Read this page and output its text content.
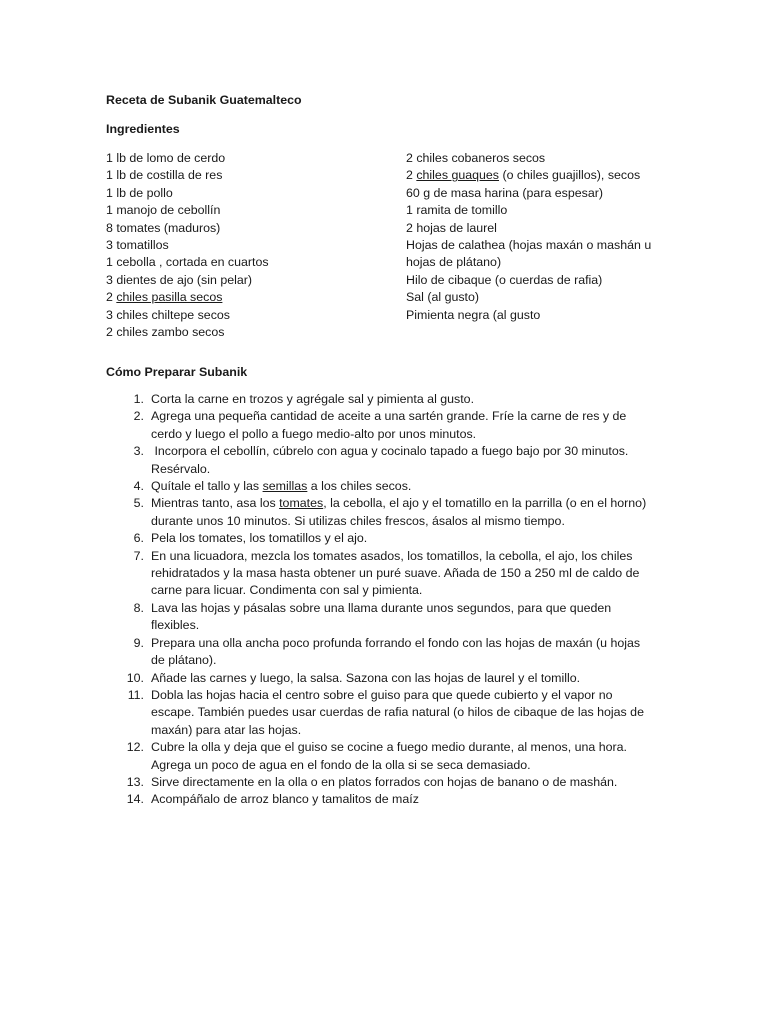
Receta de Subanik Guatemalteco

Ingredientes

1 lb de lomo de cerdo
1 lb de costilla de res
1 lb de pollo
1 manojo de cebollín
8 tomates (maduros)
3 tomatillos
1 cebolla , cortada en cuartos
3 dientes de ajo (sin pelar)
2 chiles pasilla secos
3 chiles chiltepe secos
2 chiles zambo secos
2 chiles cobaneros secos
2 chiles guaques (o chiles guajillos), secos
60 g de masa harina (para espesar)
1 ramita de tomillo
2 hojas de laurel
Hojas de calathea (hojas maxán o mashán u
hojas de plátano)
Hilo de cibaque (o cuerdas de rafia)
Sal (al gusto)
Pimienta negra (al gusto

Cómo Preparar Subanik

1. Corta la carne en trozos y agrégale sal y pimienta al gusto.
2. Agrega una pequeña cantidad de aceite a una sartén grande. Fríe la carne de res y de cerdo y luego el pollo a fuego medio-alto por unos minutos.
3. Incorpora el cebollín, cúbrelo con agua y cocinalo tapado a fuego bajo por 30 minutos. Resérvalo.
4. Quítale el tallo y las semillas a los chiles secos.
5. Mientras tanto, asa los tomates, la cebolla, el ajo y el tomatillo en la parrilla (o en el horno) durante unos 10 minutos. Si utilizas chiles frescos, ásalos al mismo tiempo.
6. Pela los tomates, los tomatillos y el ajo.
7. En una licuadora, mezcla los tomates asados, los tomatillos, la cebolla, el ajo, los chiles rehidratados y la masa hasta obtener un puré suave. Añada de 150 a 250 ml de caldo de carne para licuar. Condimenta con sal y pimienta.
8. Lava las hojas y pásalas sobre una llama durante unos segundos, para que queden flexibles.
9. Prepara una olla ancha poco profunda forrando el fondo con las hojas de maxán (u hojas de plátano).
10. Añade las carnes y luego, la salsa. Sazona con las hojas de laurel y el tomillo.
11. Dobla las hojas hacia el centro sobre el guiso para que quede cubierto y el vapor no escape. También puedes usar cuerdas de rafia natural (o hilos de cibaque de las hojas de maxán) para atar las hojas.
12. Cubre la olla y deja que el guiso se cocine a fuego medio durante, al menos, una hora. Agrega un poco de agua en el fondo de la olla si se seca demasiado.
13. Sirve directamente en la olla o en platos forrados con hojas de banano o de mashán.
14. Acompáñalo de arroz blanco y tamalitos de maíz
